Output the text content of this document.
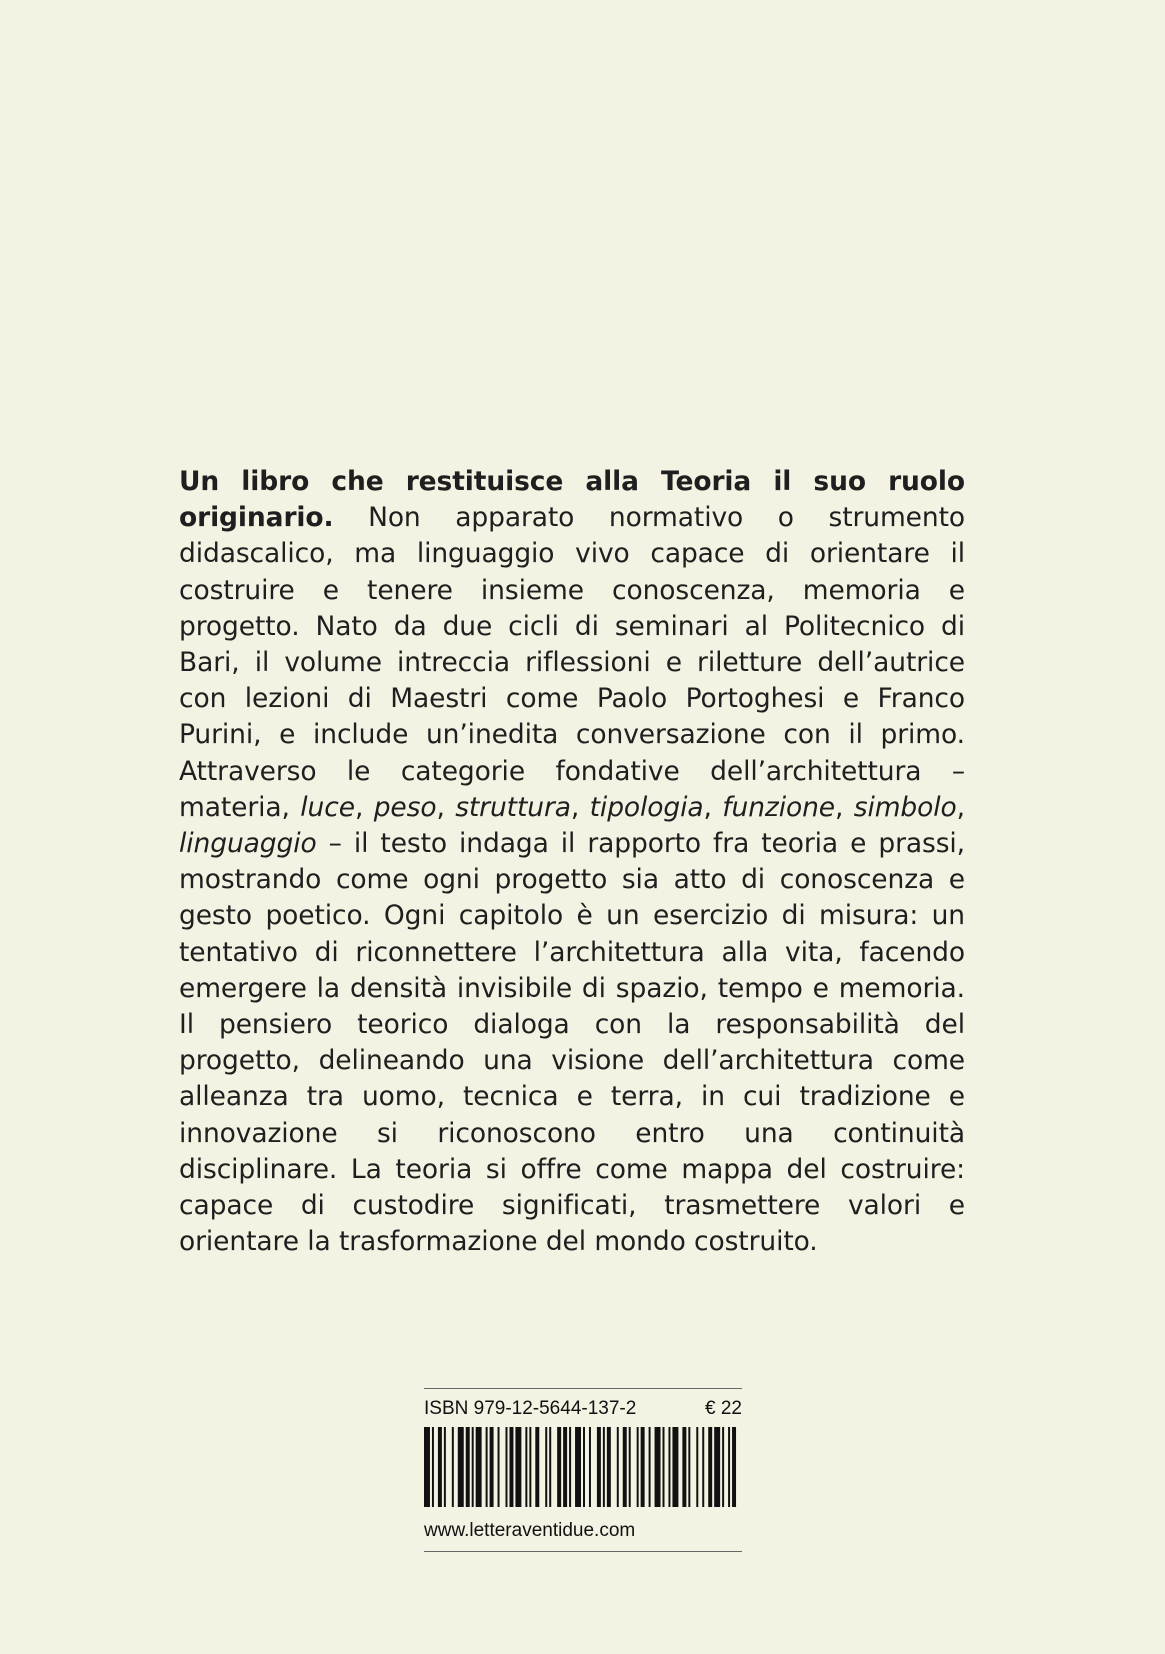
Un libro che restituisce alla Teoria il suo ruolo originario. Non apparato normativo o strumento didascalico, ma linguaggio vivo capace di orientare il costruire e tenere insieme conoscenza, memoria e progetto. Nato da due cicli di seminari al Politecnico di Bari, il volume intreccia riflessioni e riletture dell’autrice con lezioni di Maestri come Paolo Portoghesi e Franco Purini, e include un’inedita conversazione con il primo. Attraverso le categorie fondative dell’architettura – materia, luce, peso, struttura, tipologia, funzione, simbolo, linguaggio – il testo indaga il rapporto fra teoria e prassi, mostrando come ogni progetto sia atto di conoscenza e gesto poetico. Ogni capitolo è un esercizio di misura: un tentativo di riconnettere l’architettura alla vita, facendo emergere la densità invisibile di spazio, tempo e memoria. Il pensiero teorico dialoga con la responsabilità del progetto, delineando una visione dell’architettura come alleanza tra uomo, tecnica e terra, in cui tradizione e innovazione si riconoscono entro una continuità disciplinare. La teoria si offre come mappa del costruire: capace di custodire significati, trasmettere valori e orientare la trasformazione del mondo costruito.
ISBN 979-12-5644-137-2	€ 22
www.letteraventidue.com
